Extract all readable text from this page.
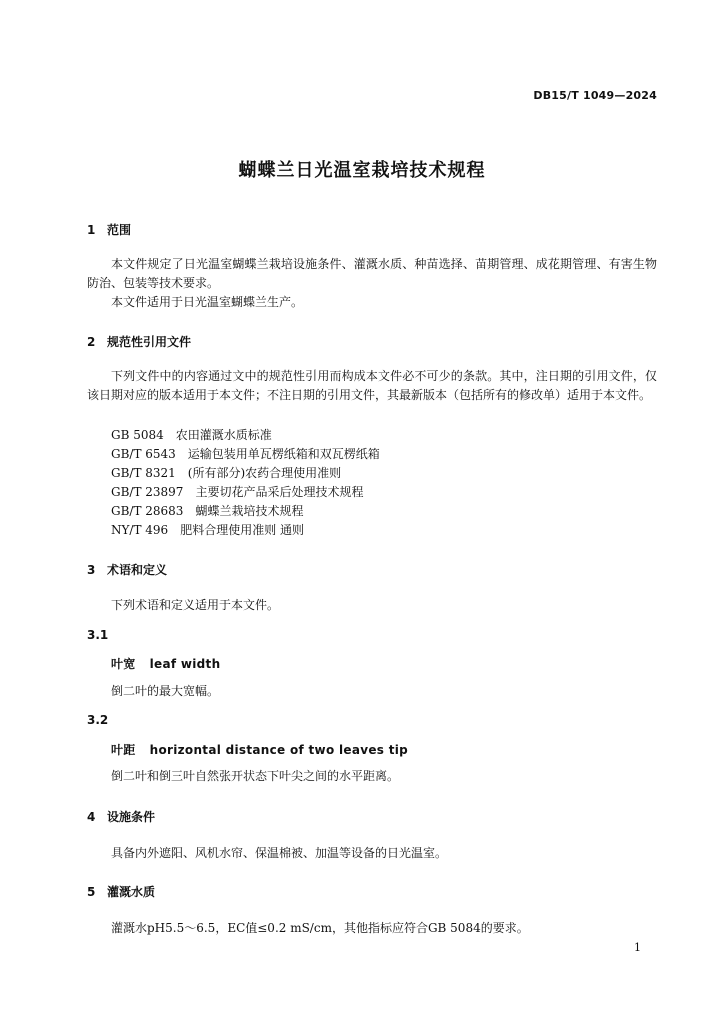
DB15/T 1049—2024
蝴蝶兰日光温室栽培技术规程
1 范围
本文件规定了日光温室蝴蝶兰栽培设施条件、灌溉水质、种苗选择、苗期管理、成花期管理、有害生物防治、包装等技术要求。
本文件适用于日光温室蝴蝶兰生产。
2 规范性引用文件
下列文件中的内容通过文中的规范性引用而构成本文件必不可少的条款。其中，注日期的引用文件，仅该日期对应的版本适用于本文件；不注日期的引用文件，其最新版本（包括所有的修改单）适用于本文件。
GB 5084　农田灌溉水质标准
GB/T 6543　运输包装用单瓦楞纸箱和双瓦楞纸箱
GB/T 8321　(所有部分)农药合理使用准则
GB/T 23897　主要切花产品采后处理技术规程
GB/T 28683　蝴蝶兰栽培技术规程
NY/T 496　肥料合理使用准则 通则
3 术语和定义
下列术语和定义适用于本文件。
3.1
叶宽 leaf width
倒二叶的最大宽幅。
3.2
叶距 horizontal distance of two leaves tip
倒二叶和倒三叶自然张开状态下叶尖之间的水平距离。
4 设施条件
具备内外遮阳、风机水帘、保温棉被、加温等设备的日光温室。
5 灌溉水质
灌溉水pH5.5～6.5，EC值≤0.2 mS/cm，其他指标应符合GB 5084的要求。
1
